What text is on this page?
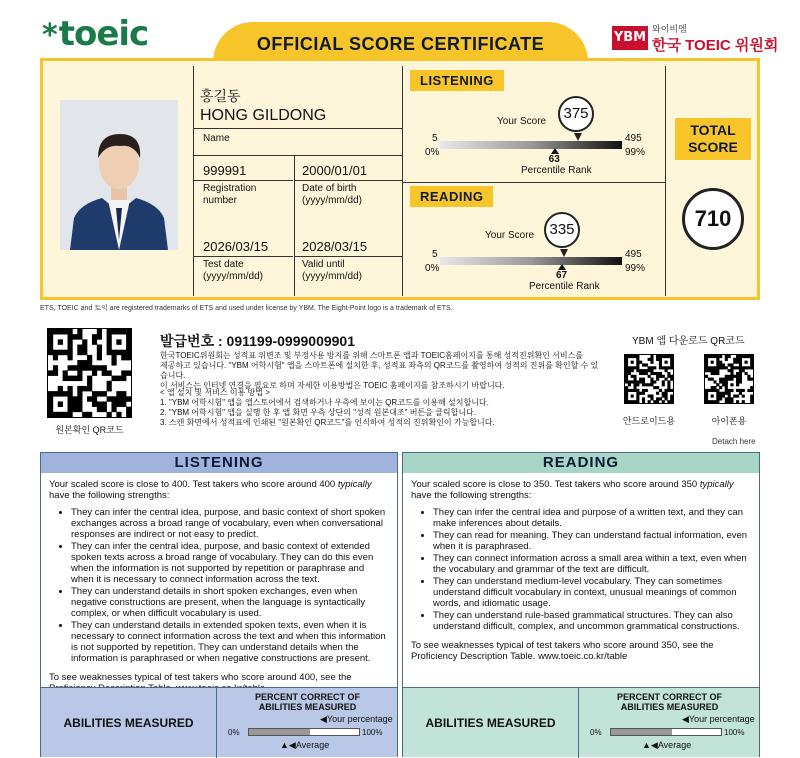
*toeic	OFFICIAL SCORE CERTIFICATE	YBM
와이비엠
한국 TOEIC 위원회
홍길동
HONG GILDONG
Name
999991
Registration
number
2000/01/01
Date of birth
(yyyy/mm/dd)
2026/03/15
Test date
(yyyy/mm/dd)
2028/03/15
Valid until
(yyyy/mm/dd)
LISTENING
Your Score	375
5
0%
495
99%
63
Percentile Rank
READING
Your Score	335
5
0%
495
99%
67
Percentile Rank
TOTAL
SCORE
710
ETS, TOEIC and 토익 are registered trademarks of ETS and used under license by YBM. The Eight-Point logo is a trademark of ETS.
원본확인 QR코드
발급번호 : 091199-0999009901
한국TOEIC위원회는 성적표 위변조 및 부정사용 방지를 위해 스마트폰 앱과 TOEIC홈페이지를 통해 성적진위확인 서비스를
제공하고 있습니다. "YBM 어학시험" 앱을 스마트폰에 설치한 후, 성적표 좌측의 QR코드를 촬영하여 성적의 진위를 확인할 수 있습니다.
이 서비스는 인터넷 연결을 필요로 하며 자세한 이용방법은 TOEIC 홈페이지를 참조하시기 바랍니다.
< 앱 설치 및 서비스 이용 방법 >
1. "YBM 어학시험" 앱을 앱스토어에서 검색하거나 우측에 보이는 QR코드를 이용해 설치합니다.
2. "YBM 어학시험" 앱을 실행 한 후 앱 화면 우측 상단의 "성적 원본대조" 버튼을 클릭합니다.
3. 스캔 화면에서 성적표에 인쇄된 "원본확인 QR코드"를 인식하여 성적의 진위확인이 가능합니다.
YBM 앱 다운로드 QR코드
안드로이드용	아이폰용
Detach here
LISTENING
Your scaled score is close to 400. Test takers who score around 400 typically have the following strengths:
• They can infer the central idea, purpose, and basic context of short spoken exchanges across a broad range of vocabulary, even when conversational responses are indirect or not easy to predict.
• They can infer the central idea, purpose, and basic context of extended spoken texts across a broad range of vocabulary. They can do this even when the information is not supported by repetition or paraphrase and when it is necessary to connect information across the text.
• They can understand details in short spoken exchanges, even when negative constructions are present, when the language is syntactically complex, or when difficult vocabulary is used.
• They can understand details in extended spoken texts, even when it is necessary to connect information across the text and when this information is not supported by repetition. They can understand details when the information is paraphrased or when negative constructions are present.
To see weaknesses typical of test takers who score around 400, see the
ABILITIES MEASURED
PERCENT CORRECT OF
ABILITIES MEASURED
◀Your percentage
0%	100%
▲◀Average
READING
Your scaled score is close to 350. Test takers who score around 350 typically have the following strengths:
• They can infer the central idea and purpose of a written text, and they can make inferences about details.
• They can read for meaning. They can understand factual information, even when it is paraphrased.
• They can connect information across a small area within a text, even when the vocabulary and grammar of the text are difficult.
• They can understand medium-level vocabulary. They can sometimes understand difficult vocabulary in context, unusual meanings of common words, and idiomatic usage.
• They can understand rule-based grammatical structures. They can also understand difficult, complex, and uncommon grammatical constructions.
To see weaknesses typical of test takers who score around 350, see the Proficiency Description Table. www.toeic.co.kr/table
ABILITIES MEASURED
PERCENT CORRECT OF
ABILITIES MEASURED
◀Your percentage
0%	100%
▲◀Average
